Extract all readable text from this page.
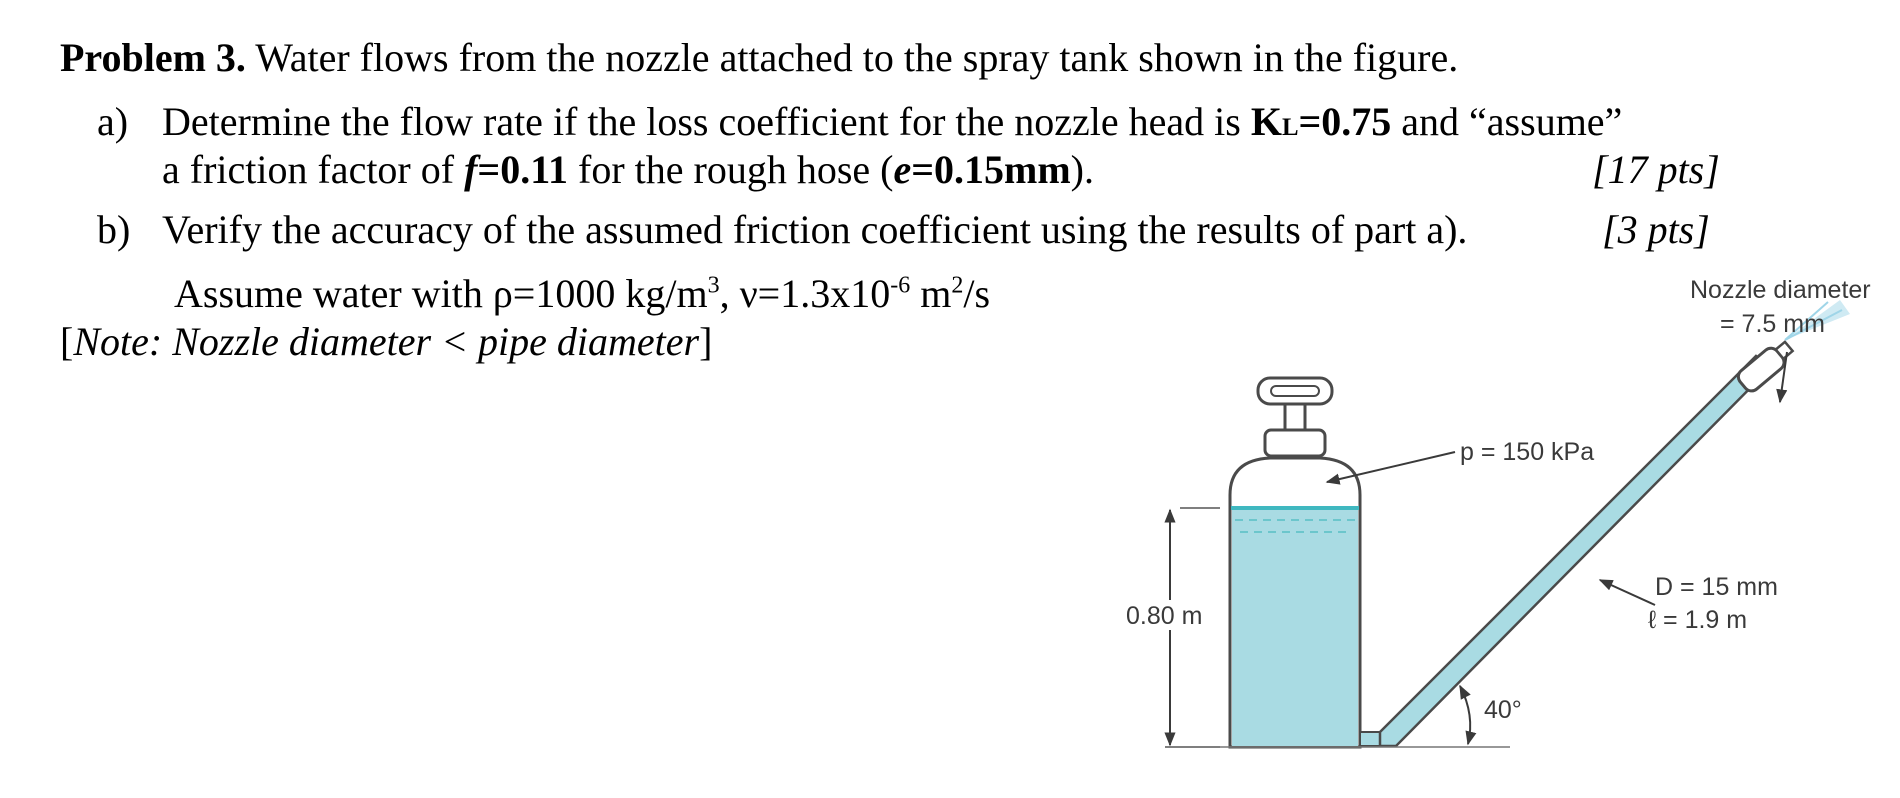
Problem 3. Water flows from the nozzle attached to the spray tank shown in the figure.
a) Determine the flow rate if the loss coefficient for the nozzle head is KL=0.75 and “assume”
a friction factor of f=0.11 for the rough hose (e=0.15mm).	[17 pts]
b) Verify the accuracy of the assumed friction coefficient using the results of part a).	[3 pts]
Assume water with ρ=1000 $kg/m^3$, $\nu=1.3x10^{-6}$ $m^2/s$
[Note: Nozzle diameter < pipe diameter]
Nozzle diameter
= 7.5 mm
p = 150 kPa
0.80 m
D = 15 mm
ℓ = 1.9 m
40°
